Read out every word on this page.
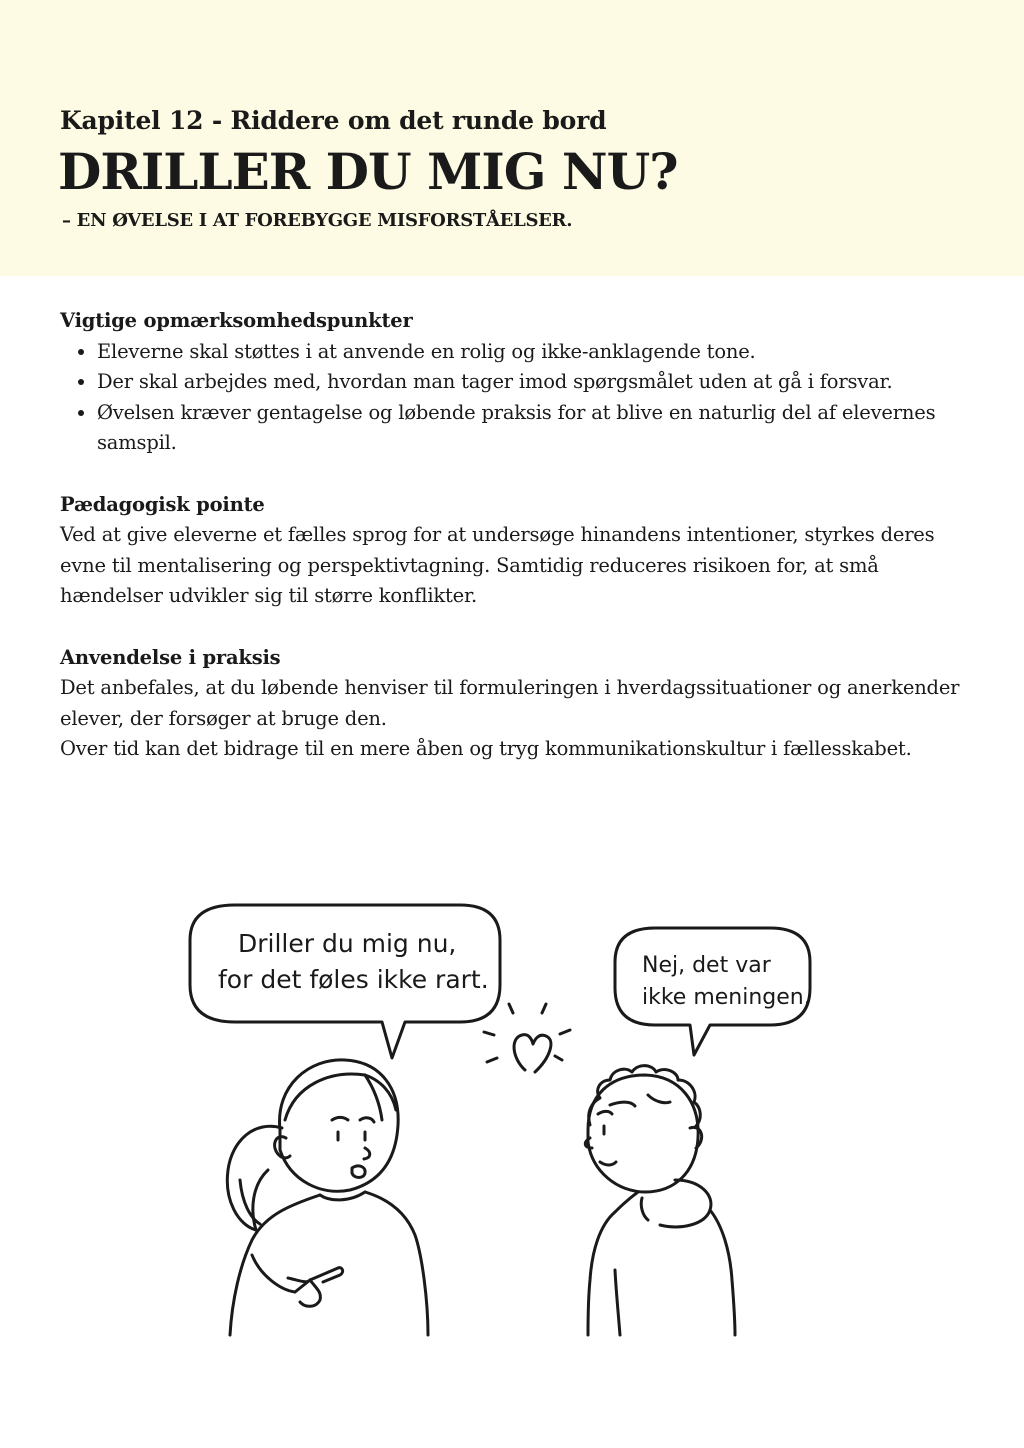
Kapitel 12 - Riddere om det runde bord
DRILLER DU MIG NU?
– EN ØVELSE I AT FOREBYGGE MISFORSTÅELSER.

Vigtige opmærksomhedspunkter

• Eleverne skal støttes i at anvende en rolig og ikke-anklagende tone.
• Der skal arbejdes med, hvordan man tager imod spørgsmålet uden at gå i forsvar.
• Øvelsen kræver gentagelse og løbende praksis for at blive en naturlig del af elevernes samspil.

Pædagogisk pointe

Ved at give eleverne et fælles sprog for at undersøge hinandens intentioner, styrkes deres evne til mentalisering og perspektivtagning. Samtidig reduceres risikoen for, at små hændelser udvikler sig til større konflikter.

Anvendelse i praksis

Det anbefales, at du løbende henviser til formuleringen i hverdagssituationer og anerkender elever, der forsøger at bruge den.

Over tid kan det bidrage til en mere åben og tryg kommunikationskultur i fællesskabet.

Driller du mig nu,
for det føles ikke rart.	Nej, det var
ikke meningen.
